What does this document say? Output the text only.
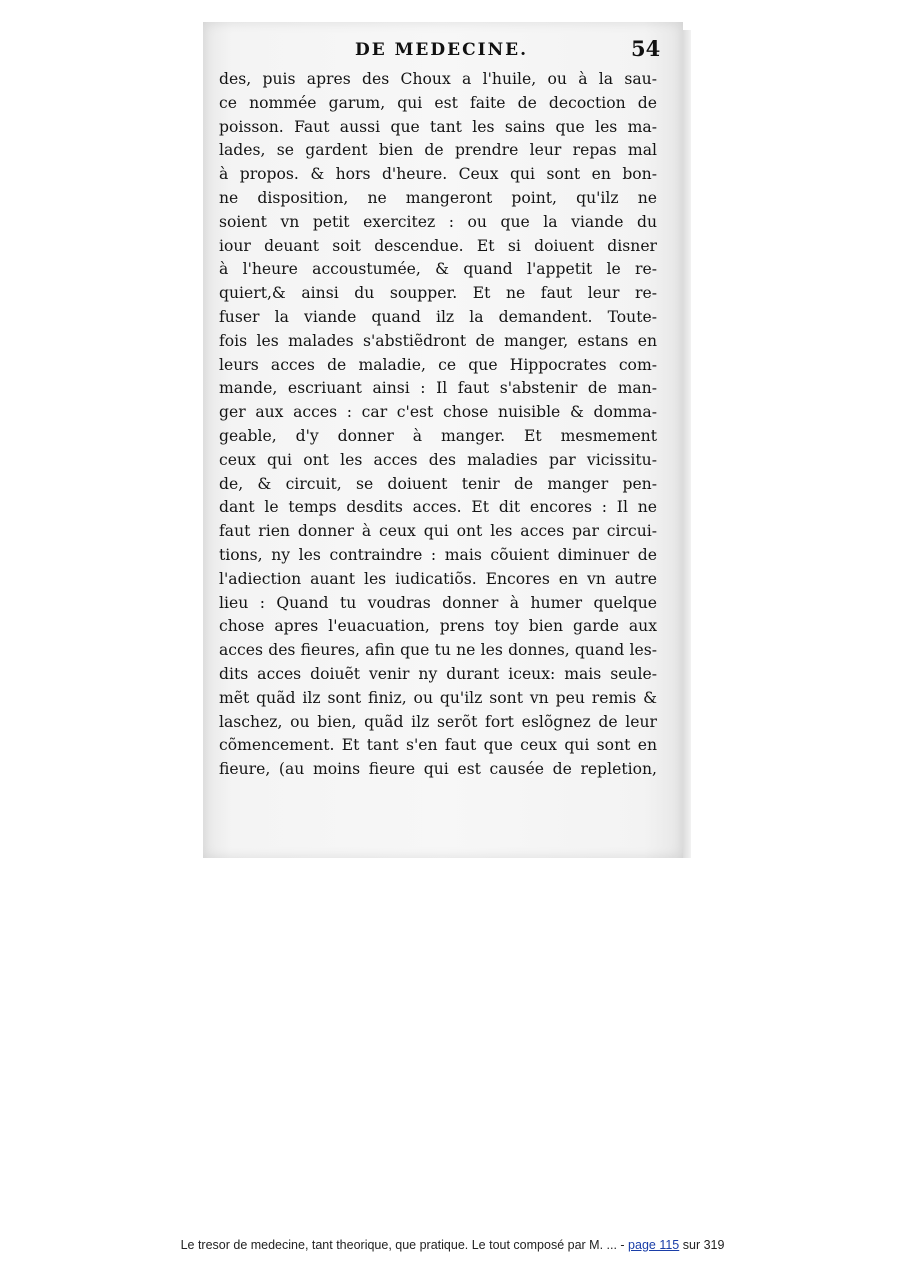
DE MEDECINE.	54
des, puis apres des Choux a l'huile, ou à la sau-
ce nommée garum, qui est faite de decoction de
poisson. Faut aussi que tant les sains que les ma-
lades, se gardent bien de prendre leur repas mal
à propos. & hors d'heure. Ceux qui sont en bon-
ne disposition, ne mangeront point, qu'ilz ne
soient vn petit exercitez : ou que la viande du
iour deuant soit descendue. Et si doiuent disner
à l'heure accoustumée, & quand l'appetit le re-
quiert,& ainsi du soupper. Et ne faut leur re-
fuser la viande quand ilz la demandent. Toute-
fois les malades s'abstiẽdront de manger, estans en
leurs acces de maladie, ce que Hippocrates com-
mande, escriuant ainsi : Il faut s'abstenir de man-
ger aux acces : car c'est chose nuisible & domma-
geable, d'y donner à manger. Et mesmement
ceux qui ont les acces des maladies par vicissitu-
de, & circuit, se doiuent tenir de manger pen-
dant le temps desdits acces. Et dit encores : Il ne
faut rien donner à ceux qui ont les acces par circui-
tions, ny les contraindre : mais cõuient diminuer de
l'adiection auant les iudicatiõs. Encores en vn autre
lieu : Quand tu voudras donner à humer quelque
chose apres l'euacuation, prens toy bien garde aux
acces des fieures, afin que tu ne les donnes, quand les-
dits acces doiuẽt venir ny durant iceux: mais seule-
mẽt quãd ilz sont finiz, ou qu'ilz sont vn peu remis &
laschez, ou bien, quãd ilz serõt fort eslõgnez de leur
cõmencement. Et tant s'en faut que ceux qui sont en
fieure, (au moins fieure qui est causée de repletion,
Le tresor de medecine, tant theorique, que pratique. Le tout composé par M. ... - page 115 sur 319
